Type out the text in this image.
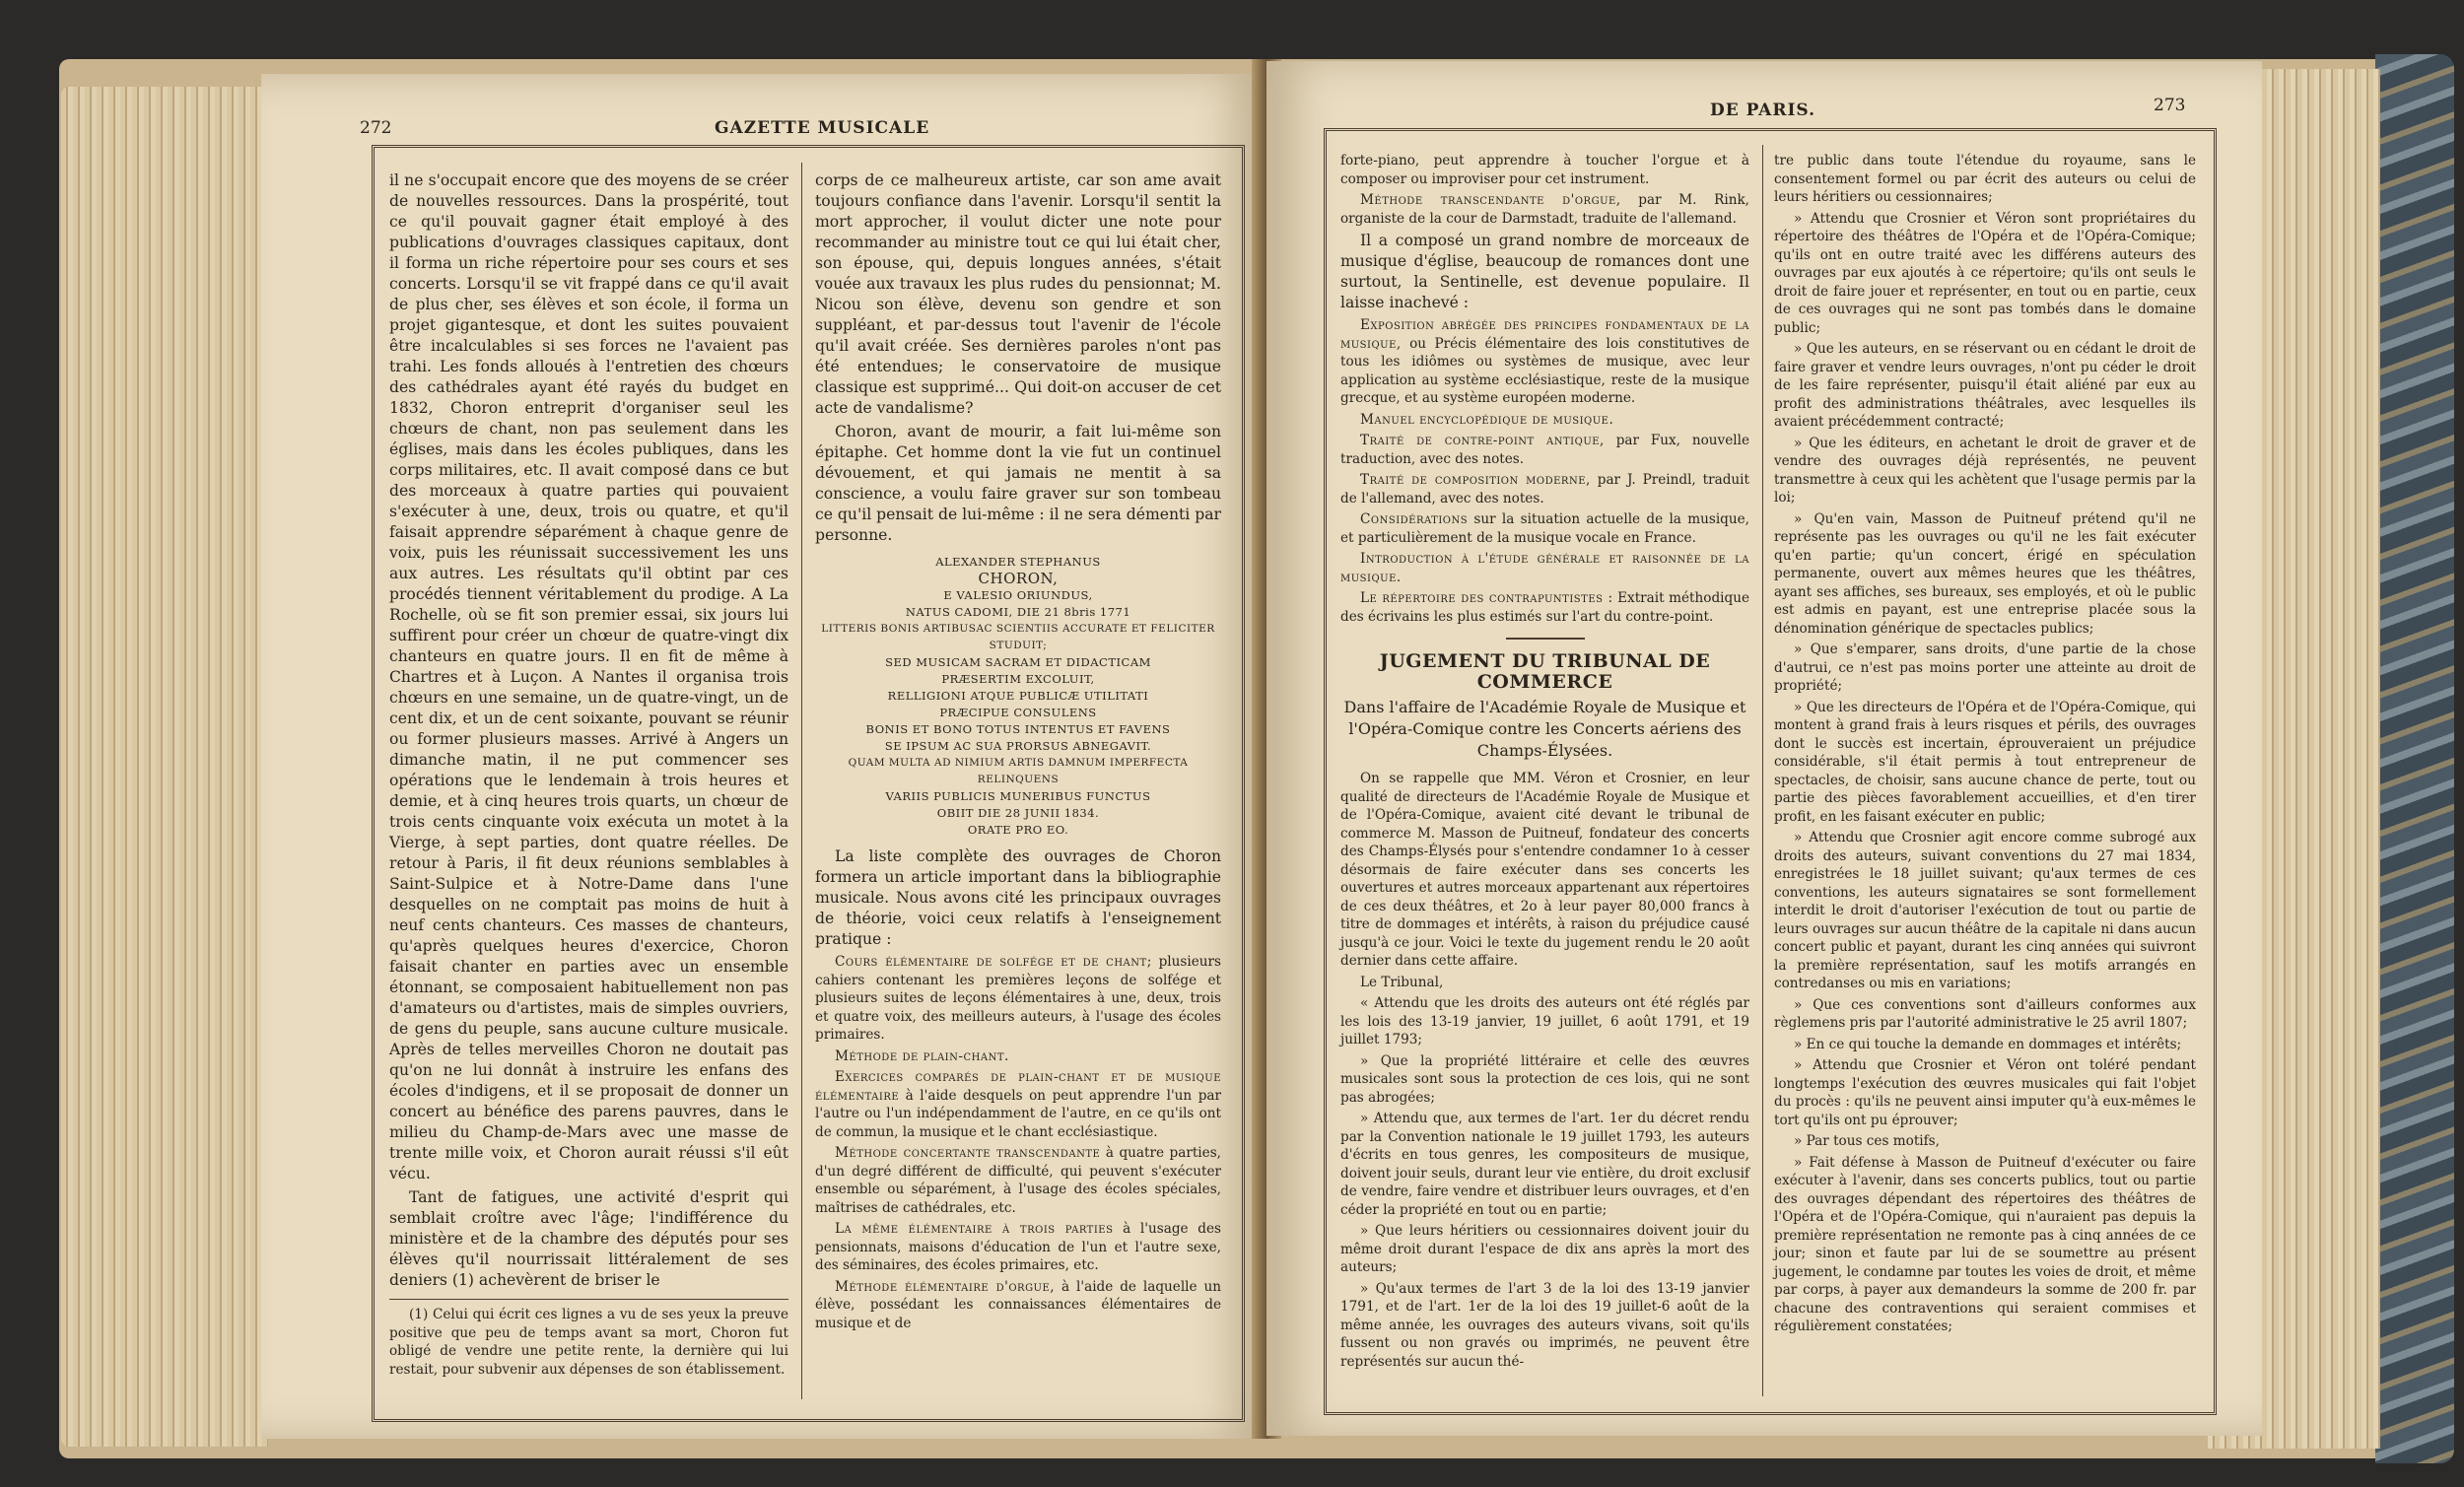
272	GAZETTE MUSICALE

il ne s'occupait encore que des moyens de se créer de nouvelles ressources. Dans la prospérité, tout ce qu'il pouvait gagner était employé à des publications d'ouvrages classiques capitaux, dont il forma un riche répertoire pour ses cours et ses concerts. Lorsqu'il se vit frappé dans ce qu'il avait de plus cher, ses élèves et son école, il forma un projet gigantesque, et dont les suites pouvaient être incalculables si ses forces ne l'avaient pas trahi. Les fonds alloués à l'entretien des chœurs des cathédrales ayant été rayés du budget en 1832, Choron entreprit d'organiser seul les chœurs de chant, non pas seulement dans les églises, mais dans les écoles publiques, dans les corps militaires, etc. Il avait composé dans ce but des morceaux à quatre parties qui pouvaient s'exécuter à une, deux, trois ou quatre, et qu'il faisait apprendre séparément à chaque genre de voix, puis les réunissait successivement les uns aux autres. Les résultats qu'il obtint par ces procédés tiennent véritablement du prodige. A La Rochelle, où se fit son premier essai, six jours lui suffirent pour créer un chœur de quatre-vingt dix chanteurs en quatre jours. Il en fit de même à Chartres et à Luçon. A Nantes il organisa trois chœurs en une semaine, un de quatre-vingt, un de cent dix, et un de cent soixante, pouvant se réunir ou former plusieurs masses. Arrivé à Angers un dimanche matin, il ne put commencer ses opérations que le lendemain à trois heures et demie, et à cinq heures trois quarts, un chœur de trois cents cinquante voix exécuta un motet à la Vierge, à sept parties, dont quatre réelles. De retour à Paris, il fit deux réunions semblables à Saint-Sulpice et à Notre-Dame dans l'une desquelles on ne comptait pas moins de huit à neuf cents chanteurs. Ces masses de chanteurs, qu'après quelques heures d'exercice, Choron faisait chanter en parties avec un ensemble étonnant, se composaient habituellement non pas d'amateurs ou d'artistes, mais de simples ouvriers, de gens du peuple, sans aucune culture musicale. Après de telles merveilles Choron ne doutait pas qu'on ne lui donnât à instruire les enfans des écoles d'indigens, et il se proposait de donner un concert au bénéfice des parens pauvres, dans le milieu du Champ-de-Mars avec une masse de trente mille voix, et Choron aurait réussi s'il eût vécu.

Tant de fatigues, une activité d'esprit qui semblait croître avec l'âge; l'indifférence du ministère et de la chambre des députés pour ses élèves qu'il nourrissait littéralement de ses deniers (1) achevèrent de briser le

(1) Celui qui écrit ces lignes a vu de ses yeux la preuve positive que peu de temps avant sa mort, Choron fut obligé de vendre une petite rente, la dernière qui lui restait, pour subvenir aux dépenses de son établissement.

corps de ce malheureux artiste, car son ame avait toujours confiance dans l'avenir. Lorsqu'il sentit la mort approcher, il voulut dicter une note pour recommander au ministre tout ce qui lui était cher, son épouse, qui, depuis longues années, s'était vouée aux travaux les plus rudes du pensionnat; M. Nicou son élève, devenu son gendre et son suppléant, et par-dessus tout l'avenir de l'école qu'il avait créée. Ses dernières paroles n'ont pas été entendues; le conservatoire de musique classique est supprimé... Qui doit-on accuser de cet acte de vandalisme?

Choron, avant de mourir, a fait lui-même son épitaphe. Cet homme dont la vie fut un continuel dévouement, et qui jamais ne mentit à sa conscience, a voulu faire graver sur son tombeau ce qu'il pensait de lui-même : il ne sera démenti par personne.

ALEXANDER STEPHANUS
CHORON,
E VALESIO ORIUNDUS,
NATUS CADOMI, DIE 21 8bris 1771
LITTERIS BONIS ARTIBUSAC SCIENTIIS ACCURATE ET FELICITER STUDUIT;
SED MUSICAM SACRAM ET DIDACTICAM
PRÆSERTIM EXCOLUIT,
RELLIGIONI ATQUE PUBLICÆ UTILITATI
PRÆCIPUE CONSULENS
BONIS ET BONO TOTUS INTENTUS ET FAVENS
SE IPSUM AC SUA PRORSUS ABNEGAVIT.
QUAM MULTA AD NIMIUM ARTIS DAMNUM IMPERFECTA RELINQUENS
VARIIS PUBLICIS MUNERIBUS FUNCTUS
OBIIT DIE 28 JUNII 1834.
ORATE PRO EO.

La liste complète des ouvrages de Choron formera un article important dans la bibliographie musicale. Nous avons cité les principaux ouvrages de théorie, voici ceux relatifs à l'enseignement pratique :

Cours élémentaire de solfége et de chant; plusieurs cahiers contenant les premières leçons de solfége et plusieurs suites de leçons élémentaires à une, deux, trois et quatre voix, des meilleurs auteurs, à l'usage des écoles primaires.

Méthode de plain-chant.

Exercices comparés de plain-chant et de musique élémentaire à l'aide desquels on peut apprendre l'un par l'autre ou l'un indépendamment de l'autre, en ce qu'ils ont de commun, la musique et le chant ecclésiastique.

Méthode concertante transcendante à quatre parties, d'un degré différent de difficulté, qui peuvent s'exécuter ensemble ou séparément, à l'usage des écoles spéciales, maîtrises de cathédrales, etc.

La même élémentaire à trois parties à l'usage des pensionnats, maisons d'éducation de l'un et l'autre sexe, des séminaires, des écoles primaires, etc.

Méthode élémentaire d'orgue, à l'aide de laquelle un élève, possédant les connaissances élémentaires de musique et de

DE PARIS.	273

forte-piano, peut apprendre à toucher l'orgue et à composer ou improviser pour cet instrument.

Méthode transcendante d'orgue, par M. Rink, organiste de la cour de Darmstadt, traduite de l'allemand.

Il a composé un grand nombre de morceaux de musique d'église, beaucoup de romances dont une surtout, la Sentinelle, est devenue populaire. Il laisse inachevé :

Exposition abrégée des principes fondamentaux de la musique, ou Précis élémentaire des lois constitutives de tous les idiômes ou systèmes de musique, avec leur application au système ecclésiastique, reste de la musique grecque, et au système européen moderne.

Manuel encyclopédique de musique.

Traité de contre-point antique, par Fux, nouvelle traduction, avec des notes.

Traité de composition moderne, par J. Preindl, traduit de l'allemand, avec des notes.

Considérations sur la situation actuelle de la musique, et particulièrement de la musique vocale en France.

Introduction à l'étude générale et raisonnée de la musique.

Le répertoire des contrapuntistes : Extrait méthodique des écrivains les plus estimés sur l'art du contre-point.

JUGEMENT DU TRIBUNAL DE COMMERCE
Dans l'affaire de l'Académie Royale de Musique et l'Opéra-Comique contre les Concerts aériens des Champs-Élysées.

On se rappelle que MM. Véron et Crosnier, en leur qualité de directeurs de l'Académie Royale de Musique et de l'Opéra-Comique, avaient cité devant le tribunal de commerce M. Masson de Puitneuf, fondateur des concerts des Champs-Élysés pour s'entendre condamner 1o à cesser désormais de faire exécuter dans ses concerts les ouvertures et autres morceaux appartenant aux répertoires de ces deux théâtres, et 2o à leur payer 80,000 francs à titre de dommages et intérêts, à raison du préjudice causé jusqu'à ce jour. Voici le texte du jugement rendu le 20 août dernier dans cette affaire.

Le Tribunal,

« Attendu que les droits des auteurs ont été réglés par les lois des 13-19 janvier, 19 juillet, 6 août 1791, et 19 juillet 1793;

» Que la propriété littéraire et celle des œuvres musicales sont sous la protection de ces lois, qui ne sont pas abrogées;

» Attendu que, aux termes de l'art. 1er du décret rendu par la Convention nationale le 19 juillet 1793, les auteurs d'écrits en tous genres, les compositeurs de musique, doivent jouir seuls, durant leur vie entière, du droit exclusif de vendre, faire vendre et distribuer leurs ouvrages, et d'en céder la propriété en tout ou en partie;

» Que leurs héritiers ou cessionnaires doivent jouir du même droit durant l'espace de dix ans après la mort des auteurs;

» Qu'aux termes de l'art 3 de la loi des 13-19 janvier 1791, et de l'art. 1er de la loi des 19 juillet-6 août de la même année, les ouvrages des auteurs vivans, soit qu'ils fussent ou non gravés ou imprimés, ne peuvent être représentés sur aucun thé-

tre public dans toute l'étendue du royaume, sans le consentement formel ou par écrit des auteurs ou celui de leurs héritiers ou cessionnaires;

» Attendu que Crosnier et Véron sont propriétaires du répertoire des théâtres de l'Opéra et de l'Opéra-Comique; qu'ils ont en outre traité avec les différens auteurs des ouvrages par eux ajoutés à ce répertoire; qu'ils ont seuls le droit de faire jouer et représenter, en tout ou en partie, ceux de ces ouvrages qui ne sont pas tombés dans le domaine public;

» Que les auteurs, en se réservant ou en cédant le droit de faire graver et vendre leurs ouvrages, n'ont pu céder le droit de les faire représenter, puisqu'il était aliéné par eux au profit des administrations théâtrales, avec lesquelles ils avaient précédemment contracté;

» Que les éditeurs, en achetant le droit de graver et de vendre des ouvrages déjà représentés, ne peuvent transmettre à ceux qui les achètent que l'usage permis par la loi;

» Qu'en vain, Masson de Puitneuf prétend qu'il ne représente pas les ouvrages ou qu'il ne les fait exécuter qu'en partie; qu'un concert, érigé en spéculation permanente, ouvert aux mêmes heures que les théâtres, ayant ses affiches, ses bureaux, ses employés, et où le public est admis en payant, est une entreprise placée sous la dénomination générique de spectacles publics;

» Que s'emparer, sans droits, d'une partie de la chose d'autrui, ce n'est pas moins porter une atteinte au droit de propriété;

» Que les directeurs de l'Opéra et de l'Opéra-Comique, qui montent à grand frais à leurs risques et périls, des ouvrages dont le succès est incertain, éprouveraient un préjudice considérable, s'il était permis à tout entrepreneur de spectacles, de choisir, sans aucune chance de perte, tout ou partie des pièces favorablement accueillies, et d'en tirer profit, en les faisant exécuter en public;

» Attendu que Crosnier agit encore comme subrogé aux droits des auteurs, suivant conventions du 27 mai 1834, enregistrées le 18 juillet suivant; qu'aux termes de ces conventions, les auteurs signataires se sont formellement interdit le droit d'autoriser l'exécution de tout ou partie de leurs ouvrages sur aucun théâtre de la capitale ni dans aucun concert public et payant, durant les cinq années qui suivront la première représentation, sauf les motifs arrangés en contredanses ou mis en variations;

» Que ces conventions sont d'ailleurs conformes aux règlemens pris par l'autorité administrative le 25 avril 1807;

» En ce qui touche la demande en dommages et intérêts;

» Attendu que Crosnier et Véron ont toléré pendant longtemps l'exécution des œuvres musicales qui fait l'objet du procès : qu'ils ne peuvent ainsi imputer qu'à eux-mêmes le tort qu'ils ont pu éprouver;

» Par tous ces motifs,

» Fait défense à Masson de Puitneuf d'exécuter ou faire exécuter à l'avenir, dans ses concerts publics, tout ou partie des ouvrages dépendant des répertoires des théâtres de l'Opéra et de l'Opéra-Comique, qui n'auraient pas depuis la première représentation ne remonte pas à cinq années de ce jour; sinon et faute par lui de se soumettre au présent jugement, le condamne par toutes les voies de droit, et même par corps, à payer aux demandeurs la somme de 200 fr. par chacune des contraventions qui seraient commises et régulièrement constatées;
